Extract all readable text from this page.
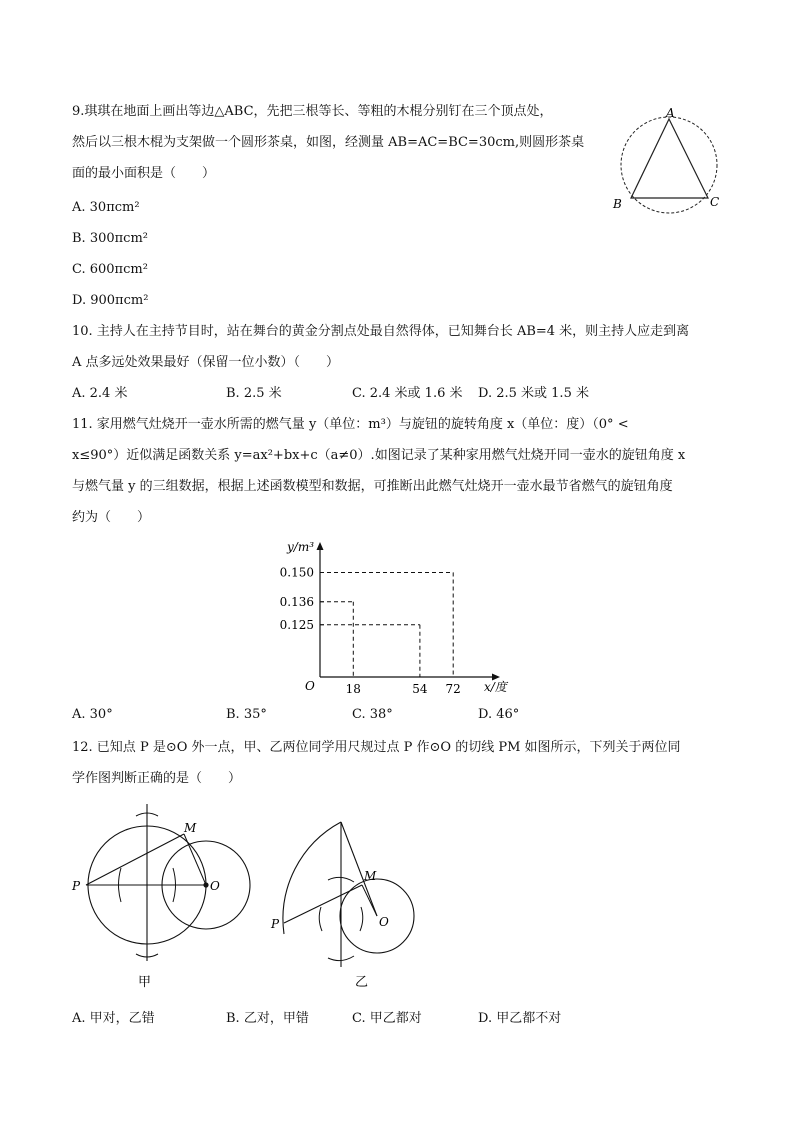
9.琪琪在地面上画出等边△ABC，先把三根等长、等粗的木棍分别钉在三个顶点处，
然后以三根木棍为支架做一个圆形茶桌，如图，经测量 AB=AC=BC=30cm,则圆形茶桌
面的最小面积是（　　）
A. 30πcm²
B. 300πcm²
C. 600πcm²
D. 900πcm²
A
B	C
10. 主持人在主持节目时，站在舞台的黄金分割点处最自然得体，已知舞台长 AB=4 米，则主持人应走到离
A 点多远处效果最好（保留一位小数）（　　）
A. 2.4 米	B. 2.5 米	C. 2.4 米或 1.6 米 D. 2.5 米或 1.5 米
11. 家用燃气灶烧开一壶水所需的燃气量 y（单位：m³）与旋钮的旋转角度 x（单位：度）（0° <
x≤90°）近似满足函数关系 y=ax²+bx+c（a≠0）.如图记录了某种家用燃气灶烧开同一壶水的旋钮角度 x
与燃气量 y 的三组数据，根据上述函数模型和数据，可推断出此燃气灶烧开一壶水最节省燃气的旋钮角度
约为（　　）
y/m³
x/度
O	18	54 72
0.150
0.136
0.125
A. 30°	B. 35°	C. 38°	D. 46°
12. 已知点 P 是⊙O 外一点，甲、乙两位同学用尺规过点 P 作⊙O 的切线 PM 如图所示，下列关于两位同
学作图判断正确的是（　　）
P
M
O
甲
P
M
O
乙
A. 甲对，乙错	B. 乙对，甲错	C. 甲乙都对	D. 甲乙都不对
